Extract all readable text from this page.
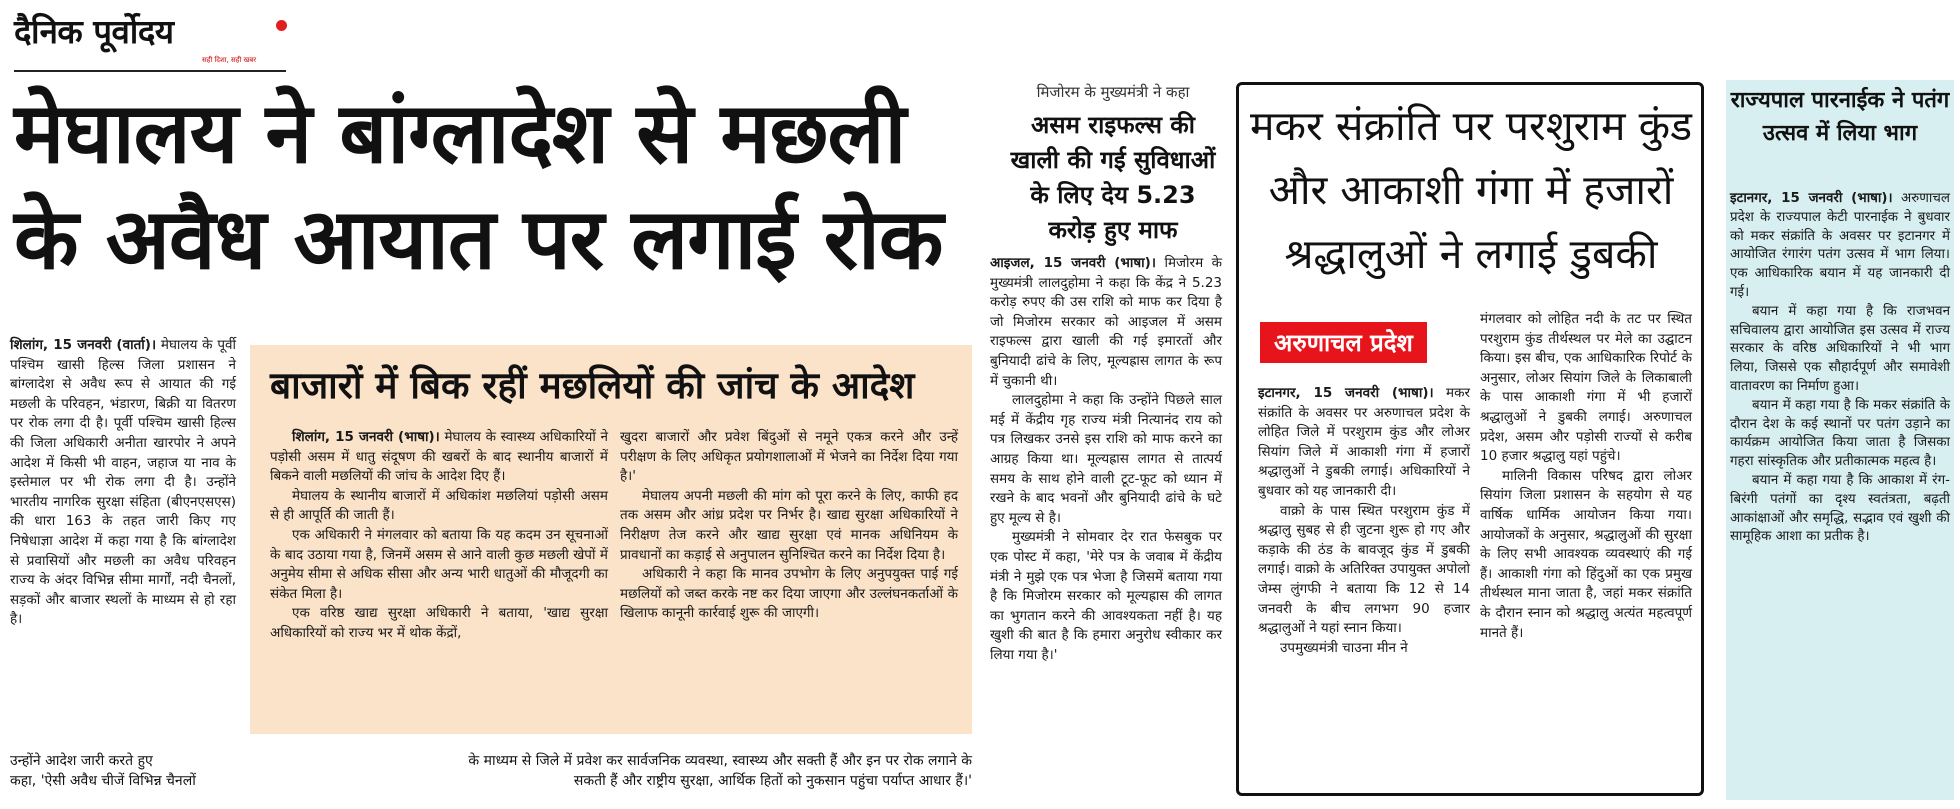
दैनिक पूर्वोदय
सही दिशा, सही खबर
मेघालय ने बांग्लादेश से मछली
के अवैध आयात पर लगाई रोक

शिलांग, 15 जनवरी (वार्ता)। मेघालय के पूर्वी पश्चिम खासी हिल्स जिला प्रशासन ने बांग्लादेश से अवैध रूप से आयात की गई मछली के परिवहन, भंडारण, बिक्री या वितरण पर रोक लगा दी है। पूर्वी पश्चिम खासी हिल्स की जिला अधिकारी अनीता खारपोर ने अपने आदेश में किसी भी वाहन, जहाज या नाव के इस्तेमाल पर भी रोक लगा दी है। उन्होंने भारतीय नागरिक सुरक्षा संहिता (बीएनएसएस) की धारा 163 के तहत जारी किए गए निषेधाज्ञा आदेश में कहा गया है कि बांग्लादेश से प्रवासियों और मछली का अवैध परिवहन राज्य के अंदर विभिन्न सीमा मार्गों, नदी चैनलों, सड़कों और बाजार स्थलों के माध्यम से हो रहा है।

बाजारों में बिक रहीं मछलियों की जांच के आदेश

शिलांग, 15 जनवरी (भाषा)। मेघालय के स्वास्थ्य अधिकारियों ने पड़ोसी असम में धातु संदूषण की खबरों के बाद स्थानीय बाजारों में बिकने वाली मछलियों की जांच के आदेश दिए हैं।

मेघालय के स्थानीय बाजारों में अधिकांश मछलियां पड़ोसी असम से ही आपूर्ति की जाती हैं।

एक अधिकारी ने मंगलवार को बताया कि यह कदम उन सूचनाओं के बाद उठाया गया है, जिनमें असम से आने वाली कुछ मछली खेपों में अनुमेय सीमा से अधिक सीसा और अन्य भारी धातुओं की मौजूदगी का संकेत मिला है।

एक वरिष्ठ खाद्य सुरक्षा अधिकारी ने बताया, 'खाद्य सुरक्षा अधिकारियों को राज्य भर में थोक केंद्रों,

खुदरा बाजारों और प्रवेश बिंदुओं से नमूने एकत्र करने और उन्हें परीक्षण के लिए अधिकृत प्रयोगशालाओं में भेजने का निर्देश दिया गया है।'

मेघालय अपनी मछली की मांग को पूरा करने के लिए, काफी हद तक असम और आंध्र प्रदेश पर निर्भर है। खाद्य सुरक्षा अधिकारियों ने निरीक्षण तेज करने और खाद्य सुरक्षा एवं मानक अधिनियम के प्रावधानों का कड़ाई से अनुपालन सुनिश्चित करने का निर्देश दिया है।

अधिकारी ने कहा कि मानव उपभोग के लिए अनुपयुक्त पाई गई मछलियों को जब्त करके नष्ट कर दिया जाएगा और उल्लंघनकर्ताओं के खिलाफ कानूनी कार्रवाई शुरू की जाएगी।

उन्होंने आदेश जारी करते हुए	के माध्यम से जिले में प्रवेश कर सार्वजनिक व्यवस्था, स्वास्थ्य और सक्ती हैं और इन पर रोक लगाने के
कहा, 'ऐसी अवैध चीजें विभिन्न चैनलों	सकती हैं और राष्ट्रीय सुरक्षा, आर्थिक हितों को नुकसान पहुंचा पर्याप्त आधार हैं।'
मिजोरम के मुख्यमंत्री ने कहा
असम राइफल्स की खाली की गई सुविधाओं के लिए देय 5.23 करोड़ हुए माफ

आइजल, 15 जनवरी (भाषा)। मिजोरम के मुख्यमंत्री लालदुहोमा ने कहा कि केंद्र ने 5.23 करोड़ रुपए की उस राशि को माफ कर दिया है जो मिजोरम सरकार को आइजल में असम राइफल्स द्वारा खाली की गई इमारतों और बुनियादी ढांचे के लिए, मूल्यह्रास लागत के रूप में चुकानी थी।

लालदुहोमा ने कहा कि उन्होंने पिछले साल मई में केंद्रीय गृह राज्य मंत्री नित्यानंद राय को पत्र लिखकर उनसे इस राशि को माफ करने का आग्रह किया था। मूल्यह्रास लागत से तात्पर्य समय के साथ होने वाली टूट-फूट को ध्यान में रखने के बाद भवनों और बुनियादी ढांचे के घटे हुए मूल्य से है।

मुख्यमंत्री ने सोमवार देर रात फेसबुक पर एक पोस्ट में कहा, 'मेरे पत्र के जवाब में केंद्रीय मंत्री ने मुझे एक पत्र भेजा है जिसमें बताया गया है कि मिजोरम सरकार को मूल्यह्रास की लागत का भुगतान करने की आवश्यकता नहीं है। यह खुशी की बात है कि हमारा अनुरोध स्वीकार कर लिया गया है।'

मकर संक्रांति पर परशुराम कुंड और आकाशी गंगा में हजारों श्रद्धालुओं ने लगाई डुबकी
अरुणाचल प्रदेश

इटानगर, 15 जनवरी (भाषा)। मकर संक्रांति के अवसर पर अरुणाचल प्रदेश के लोहित जिले में परशुराम कुंड और लोअर सियांग जिले में आकाशी गंगा में हजारों श्रद्धालुओं ने डुबकी लगाई। अधिकारियों ने बुधवार को यह जानकारी दी।

वाक्रो के पास स्थित परशुराम कुंड में श्रद्धालु सुबह से ही जुटना शुरू हो गए और कड़ाके की ठंड के बावजूद कुंड में डुबकी लगाई। वाक्रो के अतिरिक्त उपायुक्त अपोलो जेम्स लुंगफी ने बताया कि 12 से 14 जनवरी के बीच लगभग 90 हजार श्रद्धालुओं ने यहां स्नान किया।

उपमुख्यमंत्री चाउना मीन ने

मंगलवार को लोहित नदी के तट पर स्थित परशुराम कुंड तीर्थस्थल पर मेले का उद्घाटन किया। इस बीच, एक आधिकारिक रिपोर्ट के अनुसार, लोअर सियांग जिले के लिकाबाली के पास आकाशी गंगा में भी हजारों श्रद्धालुओं ने डुबकी लगाई। अरुणाचल प्रदेश, असम और पड़ोसी राज्यों से करीब 10 हजार श्रद्धालु यहां पहुंचे।

मालिनी विकास परिषद द्वारा लोअर सियांग जिला प्रशासन के सहयोग से यह वार्षिक धार्मिक आयोजन किया गया। आयोजकों के अनुसार, श्रद्धालुओं की सुरक्षा के लिए सभी आवश्यक व्यवस्थाएं की गई हैं। आकाशी गंगा को हिंदुओं का एक प्रमुख तीर्थस्थल माना जाता है, जहां मकर संक्रांति के दौरान स्नान को श्रद्धालु अत्यंत महत्वपूर्ण मानते हैं।

राज्यपाल पारनाईक ने पतंग उत्सव में लिया भाग

इटानगर, 15 जनवरी (भाषा)। अरुणाचल प्रदेश के राज्यपाल केटी पारनाईक ने बुधवार को मकर संक्रांति के अवसर पर इटानगर में आयोजित रंगारंग पतंग उत्सव में भाग लिया। एक आधिकारिक बयान में यह जानकारी दी गई।

बयान में कहा गया है कि राजभवन सचिवालय द्वारा आयोजित इस उत्सव में राज्य सरकार के वरिष्ठ अधिकारियों ने भी भाग लिया, जिससे एक सौहार्दपूर्ण और समावेशी वातावरण का निर्माण हुआ।

बयान में कहा गया है कि मकर संक्रांति के दौरान देश के कई स्थानों पर पतंग उड़ाने का कार्यक्रम आयोजित किया जाता है जिसका गहरा सांस्कृतिक और प्रतीकात्मक महत्व है।

बयान में कहा गया है कि आकाश में रंग-बिरंगी पतंगों का दृश्य स्वतंत्रता, बढ़ती आकांक्षाओं और समृद्धि, सद्भाव एवं खुशी की सामूहिक आशा का प्रतीक है।
